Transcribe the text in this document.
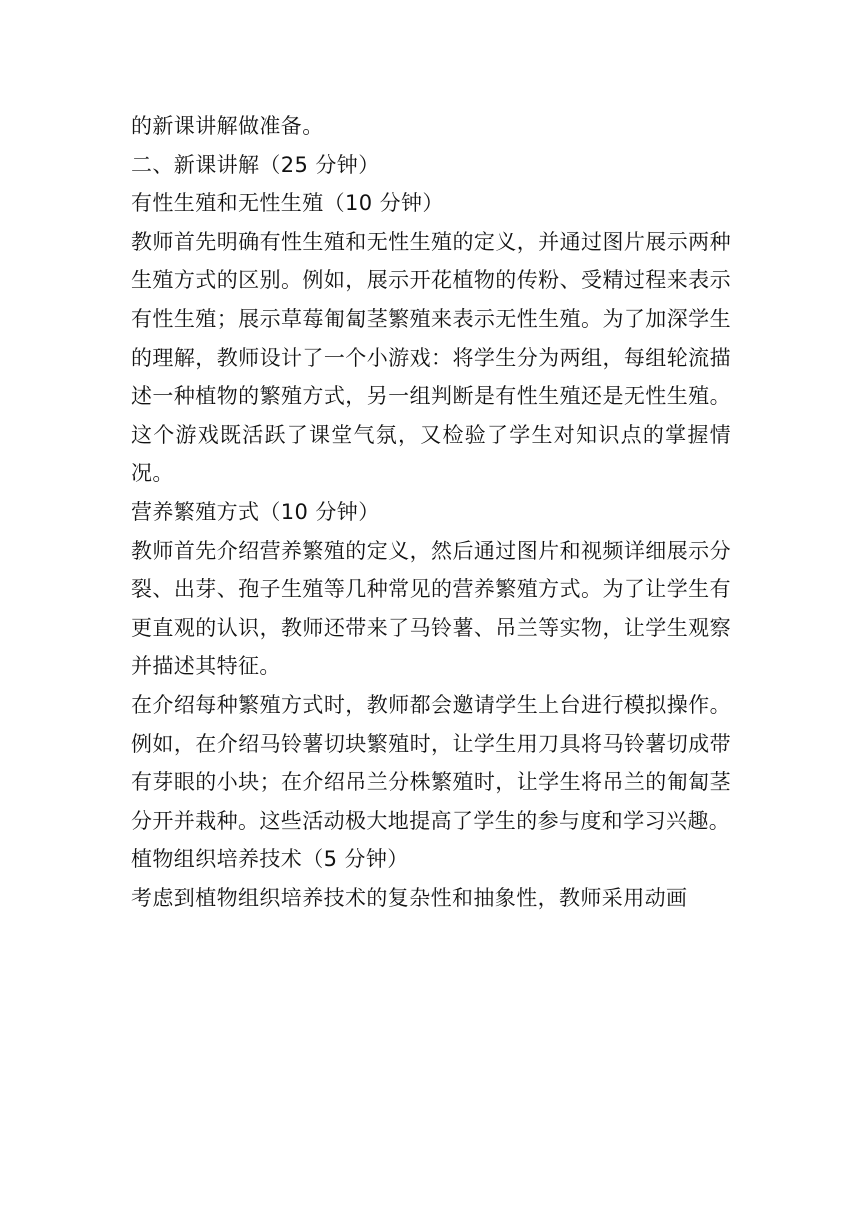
的新课讲解做准备。

二、新课讲解（25 分钟）

有性生殖和无性生殖（10 分钟）

教师首先明确有性生殖和无性生殖的定义，并通过图片展示两种生殖方式的区别。例如，展示开花植物的传粉、受精过程来表示有性生殖；展示草莓匍匐茎繁殖来表示无性生殖。为了加深学生的理解，教师设计了一个小游戏：将学生分为两组，每组轮流描述一种植物的繁殖方式，另一组判断是有性生殖还是无性生殖。这个游戏既活跃了课堂气氛，又检验了学生对知识点的掌握情况。

营养繁殖方式（10 分钟）

教师首先介绍营养繁殖的定义，然后通过图片和视频详细展示分裂、出芽、孢子生殖等几种常见的营养繁殖方式。为了让学生有更直观的认识，教师还带来了马铃薯、吊兰等实物，让学生观察并描述其特征。

在介绍每种繁殖方式时，教师都会邀请学生上台进行模拟操作。例如，在介绍马铃薯切块繁殖时，让学生用刀具将马铃薯切成带有芽眼的小块；在介绍吊兰分株繁殖时，让学生将吊兰的匍匐茎分开并栽种。这些活动极大地提高了学生的参与度和学习兴趣。

植物组织培养技术（5 分钟）

考虑到植物组织培养技术的复杂性和抽象性，教师采用动画
